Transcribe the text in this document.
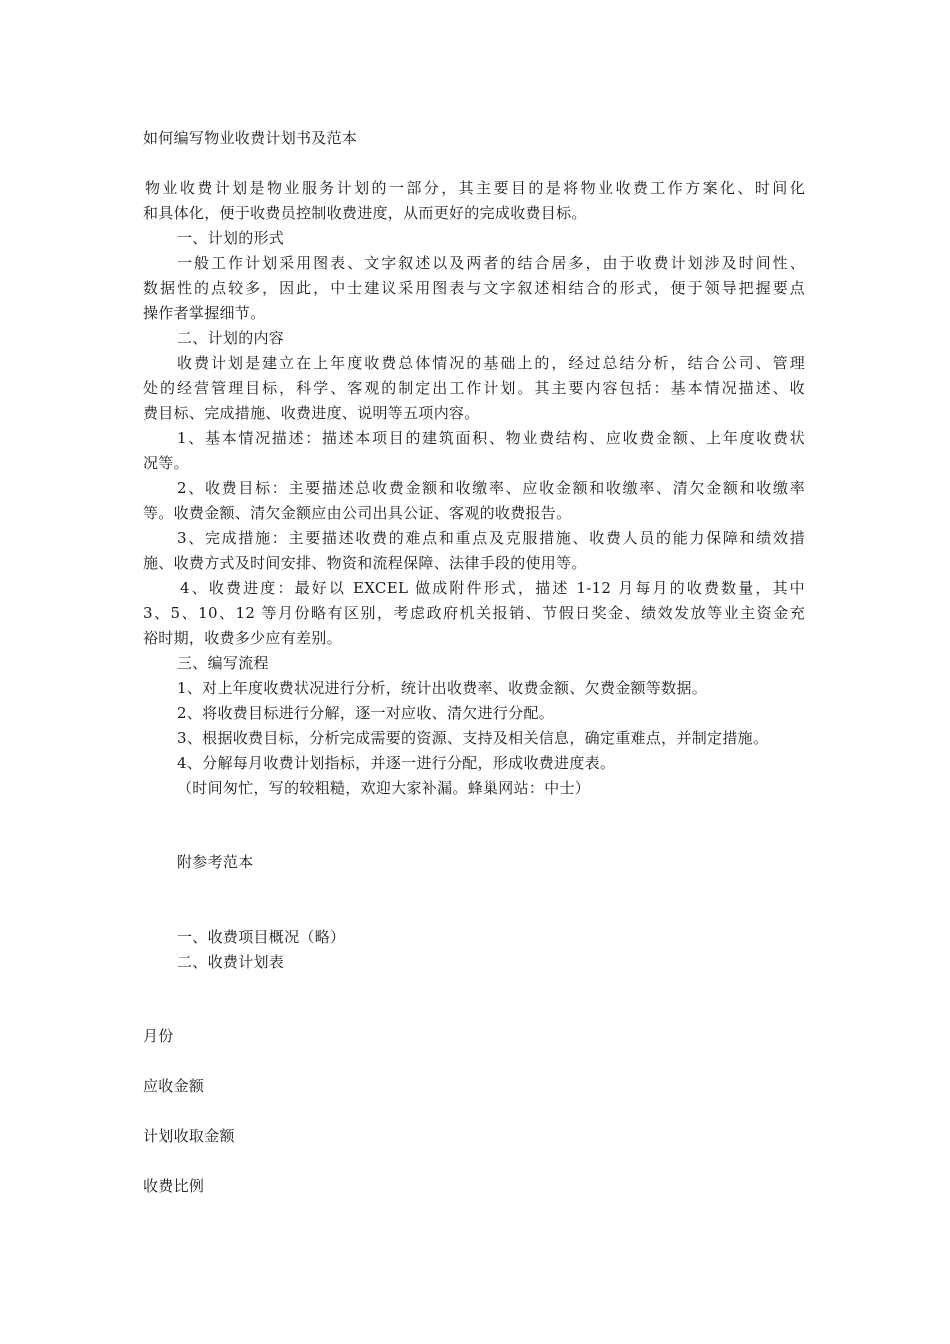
如何编写物业收费计划书及范本
物业收费计划是物业服务计划的一部分，其主要目的是将物业收费工作方案化、时间化
和具体化，便于收费员控制收费进度，从而更好的完成收费目标。
一、计划的形式
一般工作计划采用图表、文字叙述以及两者的结合居多，由于收费计划涉及时间性、
数据性的点较多，因此，中士建议采用图表与文字叙述相结合的形式，便于领导把握要点
操作者掌握细节。
二、计划的内容
收费计划是建立在上年度收费总体情况的基础上的，经过总结分析，结合公司、管理
处的经营管理目标，科学、客观的制定出工作计划。其主要内容包括：基本情况描述、收
费目标、完成措施、收费进度、说明等五项内容。
1、基本情况描述：描述本项目的建筑面积、物业费结构、应收费金额、上年度收费状
况等。
2、收费目标：主要描述总收费金额和收缴率、应收金额和收缴率、清欠金额和收缴率
等。收费金额、清欠金额应由公司出具公证、客观的收费报告。
3、完成措施：主要描述收费的难点和重点及克服措施、收费人员的能力保障和绩效措
施、收费方式及时间安排、物资和流程保障、法律手段的使用等。
4、收费进度：最好以 EXCEL 做成附件形式，描述 1-12 月每月的收费数量，其中
3、5、10、12 等月份略有区别，考虑政府机关报销、节假日奖金、绩效发放等业主资金充
裕时期，收费多少应有差别。
三、编写流程
1、对上年度收费状况进行分析，统计出收费率、收费金额、欠费金额等数据。
2、将收费目标进行分解，逐一对应收、清欠进行分配。
3、根据收费目标，分析完成需要的资源、支持及相关信息，确定重难点，并制定措施。
4、分解每月收费计划指标，并逐一进行分配，形成收费进度表。
（时间匆忙，写的较粗糙，欢迎大家补漏。蜂巢网站：中士）
附参考范本
一、收费项目概况（略）
二、收费计划表
月份
应收金额
计划收取金额
收费比例
